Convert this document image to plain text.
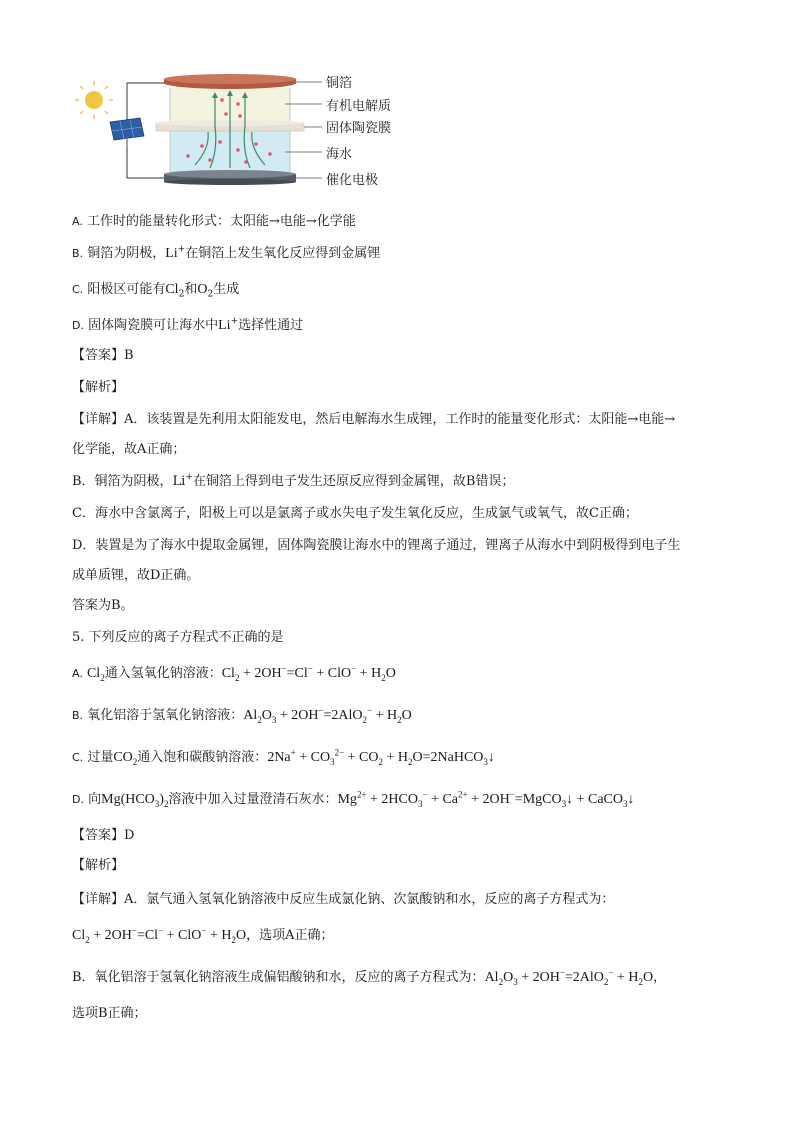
铜箔
有机电解质
固体陶瓷膜
海水
催化电极
A. 工作时的能量转化形式：太阳能→电能→化学能
B. 铜箔为阴极，Li+在铜箔上发生氧化反应得到金属锂
C. 阳极区可能有$Cl_2$和$O_2$生成
D. 固体陶瓷膜可让海水中Li+选择性通过
【答案】B
【解析】
【详解】A．该装置是先利用太阳能发电，然后电解海水生成锂，工作时的能量变化形式：太阳能→电能→
化学能，故A正确；
B．铜箔为阴极，Li+在铜箔上得到电子发生还原反应得到金属锂，故B错误；
C．海水中含氯离子，阳极上可以是氯离子或水失电子发生氧化反应，生成氯气或氧气，故C正确；
D．装置是为了海水中提取金属锂，固体陶瓷膜让海水中的锂离子通过，锂离子从海水中到阴极得到电子生
成单质锂，故D正确。
答案为B。
5. 下列反应的离子方程式不正确的是
A. $Cl_2$通入氢氧化钠溶液：$Cl_2 + 2OH^-=Cl^- + ClO^- + H_2O$
B. 氧化铝溶于氢氧化钠溶液：$Al_2O_3 + 2OH^-=2AlO_2^- + H_2O$
C. 过量$CO_2$通入饱和碳酸钠溶液：$2Na^+ + CO_3^{2-} + CO_2$ + $H_2O=2NaHCO_3↓$
D. 向$Mg(HCO_3)_2$溶液中加入过量澄清石灰水：$Mg^{2+} + 2HCO_3^- + Ca^{2+}$ + 2OH−=MgCO$_3$↓ + CaCO$_3$↓
【答案】D
【解析】
【详解】A．氯气通入氢氧化钠溶液中反应生成氯化钠、次氯酸钠和水，反应的离子方程式为：
$Cl_2 + 2OH^-=Cl^- + ClO^- + H_2O$，选项A正确；
B．氧化铝溶于氢氧化钠溶液生成偏铝酸钠和水，反应的离子方程式为：$Al_2O_3 + 2OH^-=2AlO_2^- + H_2O$，
选项B正确；
